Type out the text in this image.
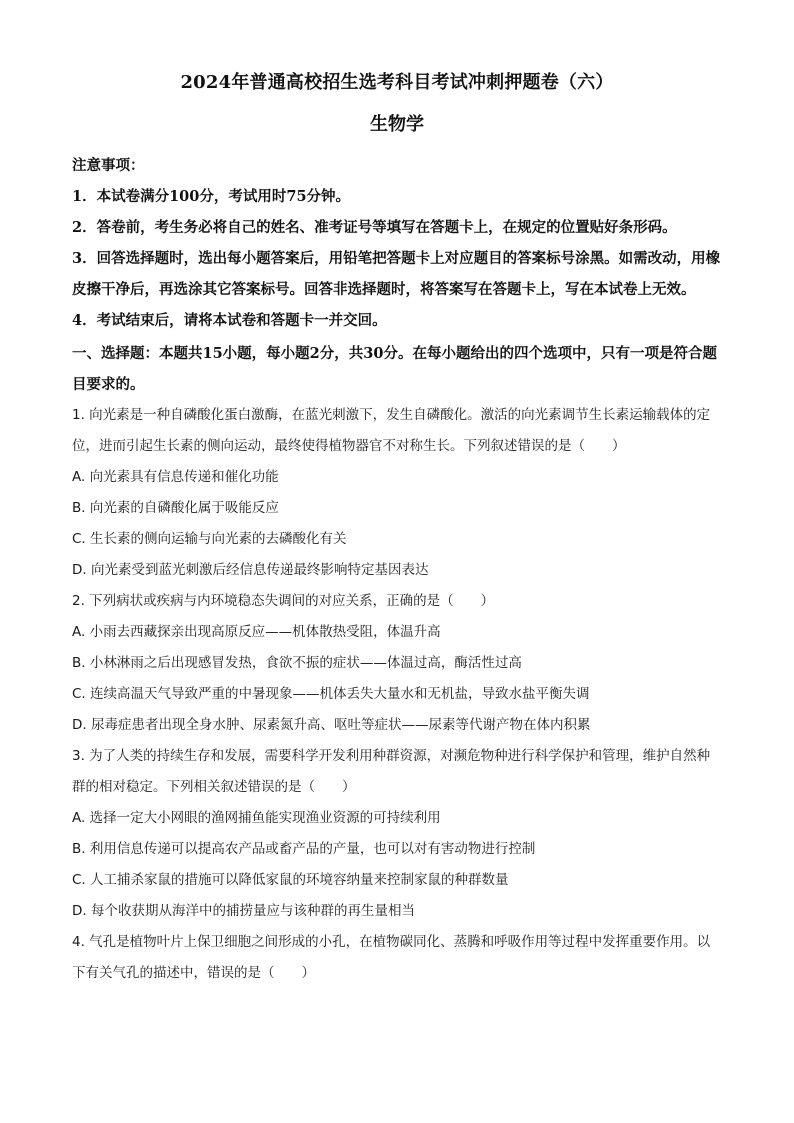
2024年普通高校招生选考科目考试冲刺押题卷（六）
生物学

注意事项：

1．本试卷满分100分，考试用时75分钟。

2．答卷前，考生务必将自己的姓名、准考证号等填写在答题卡上，在规定的位置贴好条形码。

3．回答选择题时，选出每小题答案后，用铅笔把答题卡上对应题目的答案标号涂黑。如需改动，用橡皮擦干净后，再选涂其它答案标号。回答非选择题时，将答案写在答题卡上，写在本试卷上无效。

4．考试结束后，请将本试卷和答题卡一并交回。

一、选择题：本题共15小题，每小题2分，共30分。在每小题给出的四个选项中，只有一项是符合题目要求的。

1. 向光素是一种自磷酸化蛋白激酶，在蓝光刺激下，发生自磷酸化。激活的向光素调节生长素运输载体的定位，进而引起生长素的侧向运动，最终使得植物器官不对称生长。下列叙述错误的是（　　）

A. 向光素具有信息传递和催化功能

B. 向光素的自磷酸化属于吸能反应

C. 生长素的侧向运输与向光素的去磷酸化有关

D. 向光素受到蓝光刺激后经信息传递最终影响特定基因表达

2. 下列病状或疾病与内环境稳态失调间的对应关系，正确的是（　　）

A. 小雨去西藏探亲出现高原反应——机体散热受阻，体温升高

B. 小林淋雨之后出现感冒发热，食欲不振的症状——体温过高，酶活性过高

C. 连续高温天气导致严重的中暑现象——机体丢失大量水和无机盐，导致水盐平衡失调

D. 尿毒症患者出现全身水肿、尿素氮升高、呕吐等症状——尿素等代谢产物在体内积累

3. 为了人类的持续生存和发展，需要科学开发利用种群资源，对濒危物种进行科学保护和管理，维护自然种群的相对稳定。下列相关叙述错误的是（　　）

A. 选择一定大小网眼的渔网捕鱼能实现渔业资源的可持续利用

B. 利用信息传递可以提高农产品或畜产品的产量，也可以对有害动物进行控制

C. 人工捕杀家鼠的措施可以降低家鼠的环境容纳量来控制家鼠的种群数量

D. 每个收获期从海洋中的捕捞量应与该种群的再生量相当

4. 气孔是植物叶片上保卫细胞之间形成的小孔，在植物碳同化、蒸腾和呼吸作用等过程中发挥重要作用。以下有关气孔的描述中，错误的是（　　）
